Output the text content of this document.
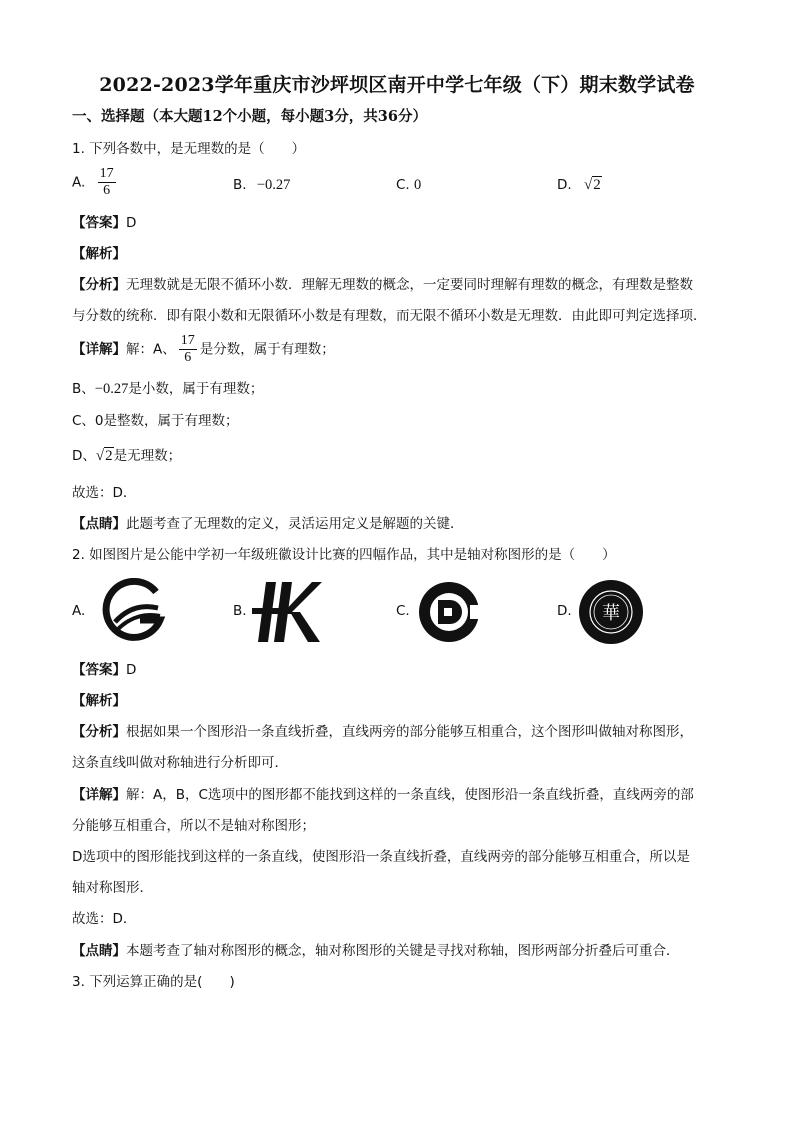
2022-2023学年重庆市沙坪坝区南开中学七年级（下）期末数学试卷
一、选择题（本大题12个小题，每小题3分，共36分）
1. 下列各数中，是无理数的是（　　）
A. $\frac{17}{6}$	B. −0.27	C. 0	D. √2
【答案】D
【解析】
【分析】无理数就是无限不循环小数．理解无理数的概念，一定要同时理解有理数的概念，有理数是整数
与分数的统称．即有限小数和无限循环小数是有理数，而无限不循环小数是无理数．由此即可判定选择项．
【详解】解：A、 $\frac{17}{6}$ 是分数，属于有理数；
B、−0.27是小数，属于有理数；
C、0是整数，属于有理数；
D、√2是无理数；
故选：D．
【点睛】此题考查了无理数的定义，灵活运用定义是解题的关键．
2. 如图图片是公能中学初一年级班徽设计比赛的四幅作品，其中是轴对称图形的是（　　）
A.	B.	C.	D. 華
【答案】D
【解析】
【分析】根据如果一个图形沿一条直线折叠，直线两旁的部分能够互相重合，这个图形叫做轴对称图形，
这条直线叫做对称轴进行分析即可．
【详解】解：A，B，C选项中的图形都不能找到这样的一条直线，使图形沿一条直线折叠，直线两旁的部
分能够互相重合，所以不是轴对称图形；
D选项中的图形能找到这样的一条直线，使图形沿一条直线折叠，直线两旁的部分能够互相重合，所以是
轴对称图形．
故选：D．
【点睛】本题考查了轴对称图形的概念，轴对称图形的关键是寻找对称轴，图形两部分折叠后可重合．
3. 下列运算正确的是(　　)
